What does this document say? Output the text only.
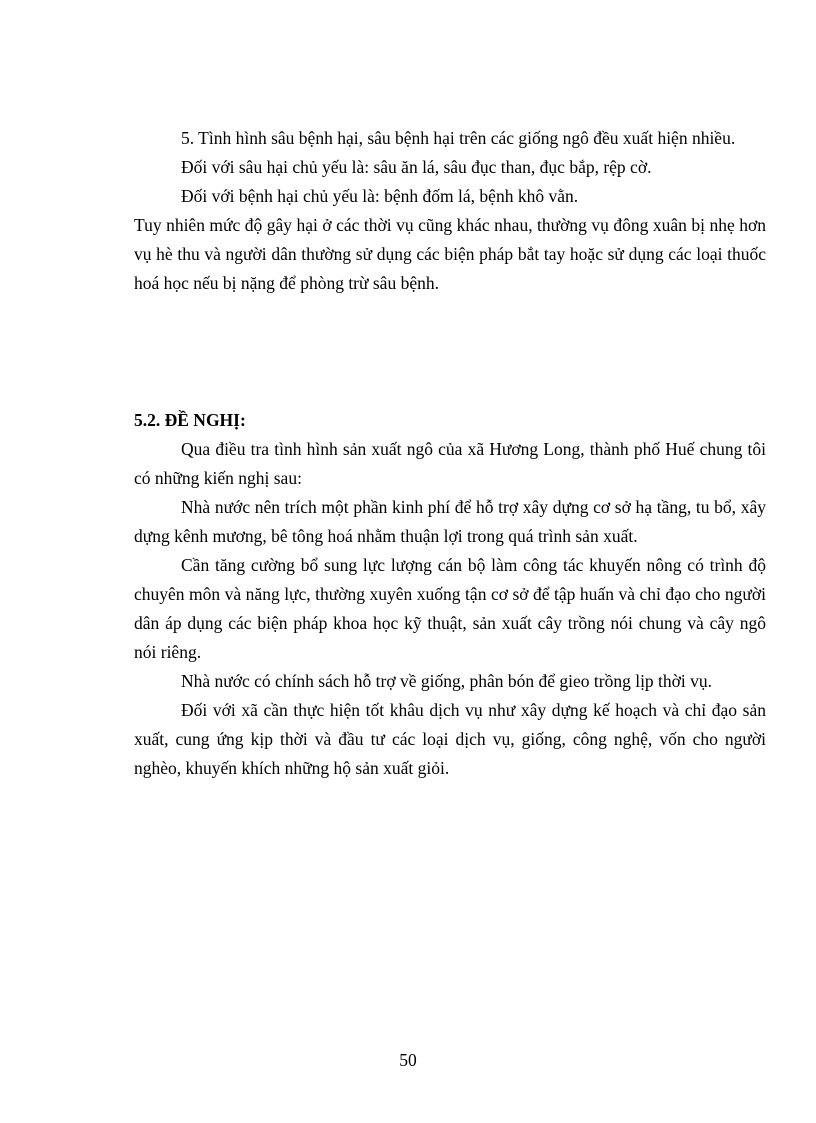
5. Tình hình sâu bệnh hại, sâu bệnh hại trên các giống ngô đều xuất hiện nhiều.

Đối với sâu hại chủ yếu là: sâu ăn lá, sâu đục than, đục bắp, rệp cờ.

Đối với bệnh hại chủ yếu là: bệnh đốm lá, bệnh khô vằn.

Tuy nhiên mức độ gây hại ở các thời vụ cũng khác nhau, thường vụ đông xuân bị nhẹ hơn vụ hè thu và người dân thường sử dụng các biện pháp bắt tay hoặc sử dụng các loại thuốc hoá học nếu bị nặng để phòng trừ sâu bệnh.

5.2. ĐỀ NGHỊ:

Qua điều tra tình hình sản xuất ngô của xã Hương Long, thành phố Huế chung tôi có những kiến nghị sau:

Nhà nước nên trích một phần kinh phí để hỗ trợ xây dựng cơ sở hạ tầng, tu bổ, xây dựng kênh mương, bê tông hoá nhằm thuận lợi trong quá trình sản xuất.

Cần tăng cường bổ sung lực lượng cán bộ làm công tác khuyến nông có trình độ chuyên môn và năng lực, thường xuyên xuống tận cơ sở để tập huấn và chỉ đạo cho người dân áp dụng các biện pháp khoa học kỹ thuật, sản xuất cây trồng nói chung và cây ngô nói riêng.

Nhà nước có chính sách hỗ trợ về giống, phân bón để gieo trồng lịp thời vụ.

Đối với xã cần thực hiện tốt khâu dịch vụ như xây dựng kế hoạch và chỉ đạo sản xuất, cung ứng kịp thời và đầu tư các loại dịch vụ, giống, công nghệ, vốn cho người nghèo, khuyến khích những hộ sản xuất giỏi.

50
